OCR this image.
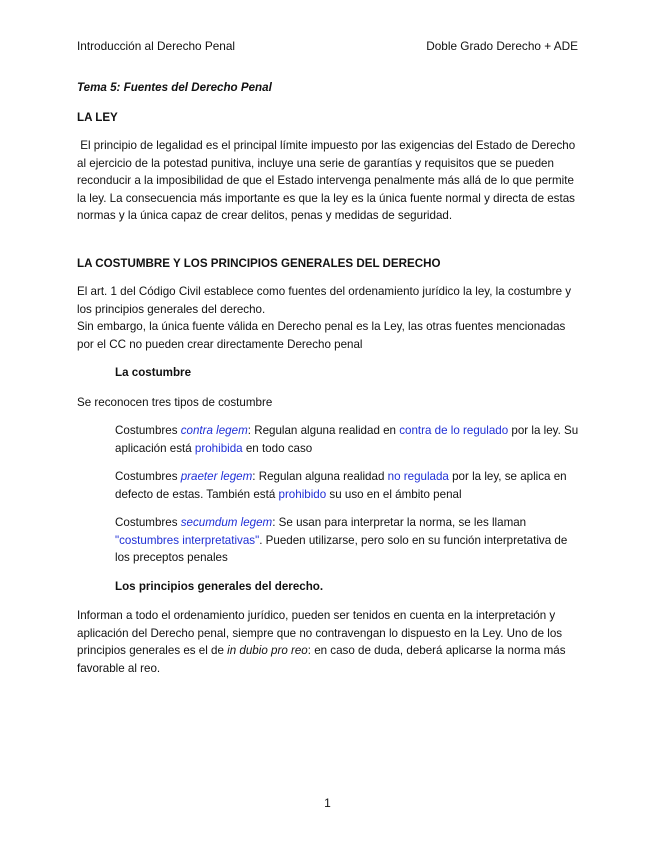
Introducción al Derecho Penal	Doble Grado Derecho + ADE

Tema 5: Fuentes del Derecho Penal

LA LEY

El principio de legalidad es el principal límite impuesto por las exigencias del Estado de Derecho al ejercicio de la potestad punitiva, incluye una serie de garantías y requisitos que se pueden reconducir a la imposibilidad de que el Estado intervenga penalmente más allá de lo que permite la ley. La consecuencia más importante es que la ley es la única fuente normal y directa de estas normas y la única capaz de crear delitos, penas y medidas de seguridad.

LA COSTUMBRE Y LOS PRINCIPIOS GENERALES DEL DERECHO

El art. 1 del Código Civil establece como fuentes del ordenamiento jurídico la ley, la costumbre y los principios generales del derecho.

Sin embargo, la única fuente válida en Derecho penal es la Ley, las otras fuentes mencionadas por el CC no pueden crear directamente Derecho penal

La costumbre

Se reconocen tres tipos de costumbre

Costumbres contra legem: Regulan alguna realidad en contra de lo regulado por la ley. Su aplicación está prohibida en todo caso

Costumbres praeter legem: Regulan alguna realidad no regulada por la ley, se aplica en defecto de estas. También está prohibido su uso en el ámbito penal

Costumbres secumdum legem: Se usan para interpretar la norma, se les llaman "costumbres interpretativas". Pueden utilizarse, pero solo en su función interpretativa de los preceptos penales

Los principios generales del derecho.

Informan a todo el ordenamiento jurídico, pueden ser tenidos en cuenta en la interpretación y aplicación del Derecho penal, siempre que no contravengan lo dispuesto en la Ley. Uno de los principios generales es el de in dubio pro reo: en caso de duda, deberá aplicarse la norma más favorable al reo.

1
